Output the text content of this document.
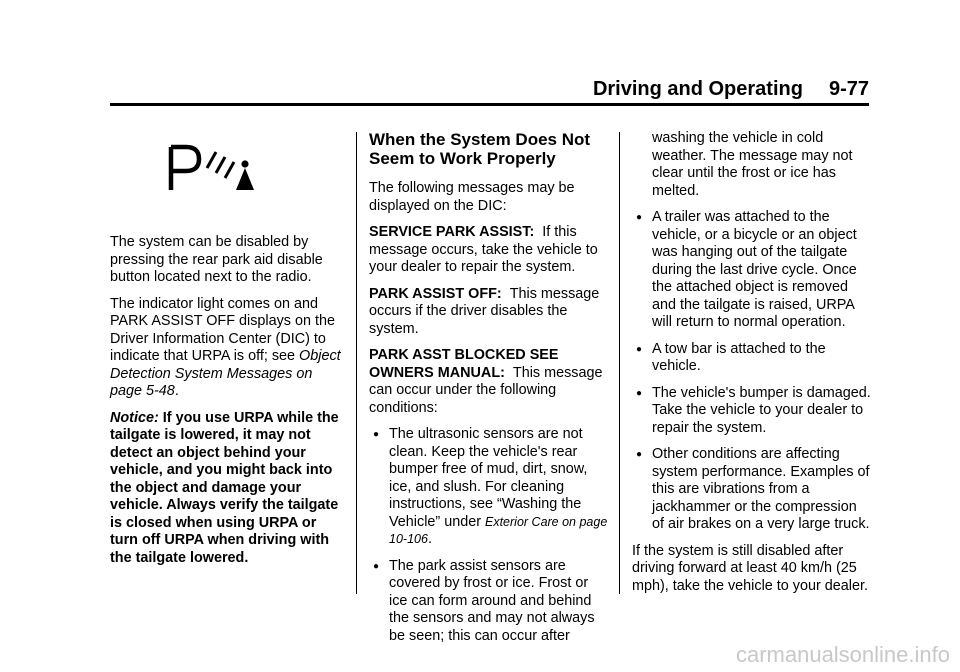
Driving and Operating 9-77

The system can be disabled by pressing the rear park aid disable button located next to the radio.

The indicator light comes on and PARK ASSIST OFF displays on the Driver Information Center (DIC) to indicate that URPA is off; see Object Detection System Messages on page 5-48.

Notice: If you use URPA while the tailgate is lowered, it may not detect an object behind your vehicle, and you might back into the object and damage your vehicle. Always verify the tailgate is closed when using URPA or turn off URPA when driving with the tailgate lowered.

When the System Does Not Seem to Work Properly

The following messages may be displayed on the DIC:

SERVICE PARK ASSIST: If this message occurs, take the vehicle to your dealer to repair the system.

PARK ASSIST OFF: This message occurs if the driver disables the system.

PARK ASST BLOCKED SEE OWNERS MANUAL: This message can occur under the following conditions:

● The ultrasonic sensors are not clean. Keep the vehicle's rear bumper free of mud, dirt, snow, ice, and slush. For cleaning instructions, see “Washing the Vehicle” under Exterior Care on page 10-106.
● The park assist sensors are covered by frost or ice. Frost or ice can form around and behind the sensors and may not always be seen; this can occur after

washing the vehicle in cold weather. The message may not clear until the frost or ice has melted.

● A trailer was attached to the vehicle, or a bicycle or an object was hanging out of the tailgate during the last drive cycle. Once the attached object is removed and the tailgate is raised, URPA will return to normal operation.
● A tow bar is attached to the vehicle.
● The vehicle's bumper is damaged. Take the vehicle to your dealer to repair the system.
● Other conditions are affecting system performance. Examples of this are vibrations from a jackhammer or the compression of air brakes on a very large truck.

If the system is still disabled after driving forward at least 40 km/h (25 mph), take the vehicle to your dealer.

carmanualsonline.info
